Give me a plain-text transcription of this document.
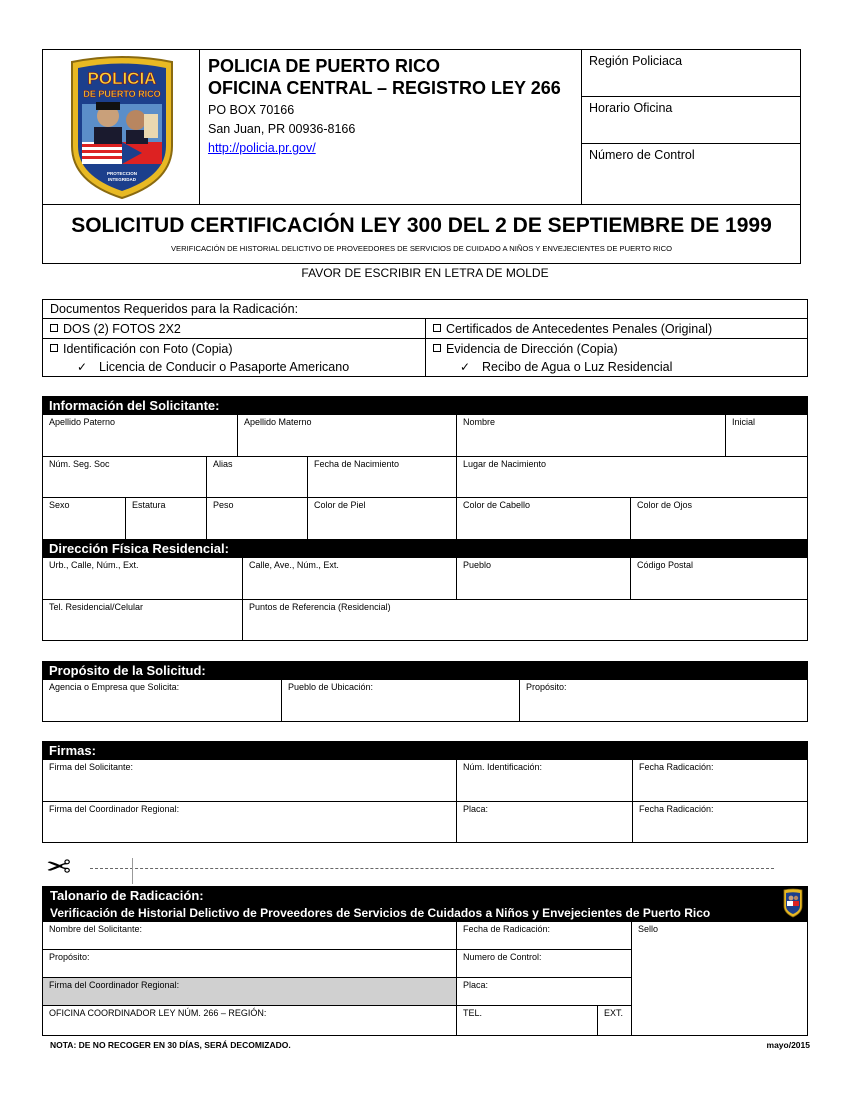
PROTECCION
INTEGRIDAD
POLICIA
DE PUERTO RICO
POLICIA DE PUERTO RICO
OFICINA CENTRAL – REGISTRO LEY 266
PO BOX 70166
San Juan, PR 00936-8166
http://policia.pr.gov/
Región Policiaca
Horario Oficina
Número de Control
SOLICITUD CERTIFICACIÓN LEY 300 DEL 2 DE SEPTIEMBRE DE 1999
VERIFICACIÓN DE HISTORIAL DELICTIVO DE PROVEEDORES DE SERVICIOS DE CUIDADO A NIÑOS Y ENVEJECIENTES DE PUERTO RICO
FAVOR DE ESCRIBIR EN LETRA DE MOLDE
Documentos Requeridos para la Radicación:
DOS (2) FOTOS 2X2	Certificados de Antecedentes Penales (Original)
Identificación con Foto (Copia)	Evidencia de Dirección (Copia)
✓ Licencia de Conducir o Pasaporte Americano	✓ Recibo de Agua o Luz Residencial
Información del Solicitante:
Apellido Paterno	Apellido Materno	Nombre	Inicial
Núm. Seg. Soc	Alias	Fecha de Nacimiento	Lugar de Nacimiento
Sexo	Estatura	Peso	Color de Piel	Color de Cabello	Color de Ojos
Dirección Física Residencial:
Urb., Calle, Núm., Ext.	Calle, Ave., Núm., Ext.	Pueblo	Código Postal
Tel. Residencial/Celular	Puntos de Referencia (Residencial)
Propósito de la Solicitud:
Agencia o Empresa que Solicita:	Pueblo de Ubicación:	Propósito:
Firmas:
Firma del Solicitante:	Núm. Identificación:	Fecha Radicación:
Firma del Coordinador Regional:	Placa:	Fecha Radicación:
✂
Talonario de Radicación:
Verificación de Historial Delictivo de Proveedores de Servicios de Cuidados a Niños y Envejecientes de Puerto Rico
Nombre del Solicitante:	Fecha de Radicación:	Sello
Propósito:	Numero de Control:
Firma del Coordinador Regional:	Placa:
OFICINA COORDINADOR LEY NÚM. 266 – REGIÓN:	TEL.	EXT.
NOTA: DE NO RECOGER EN 30 DÍAS, SERÁ DECOMIZADO.	mayo/2015
